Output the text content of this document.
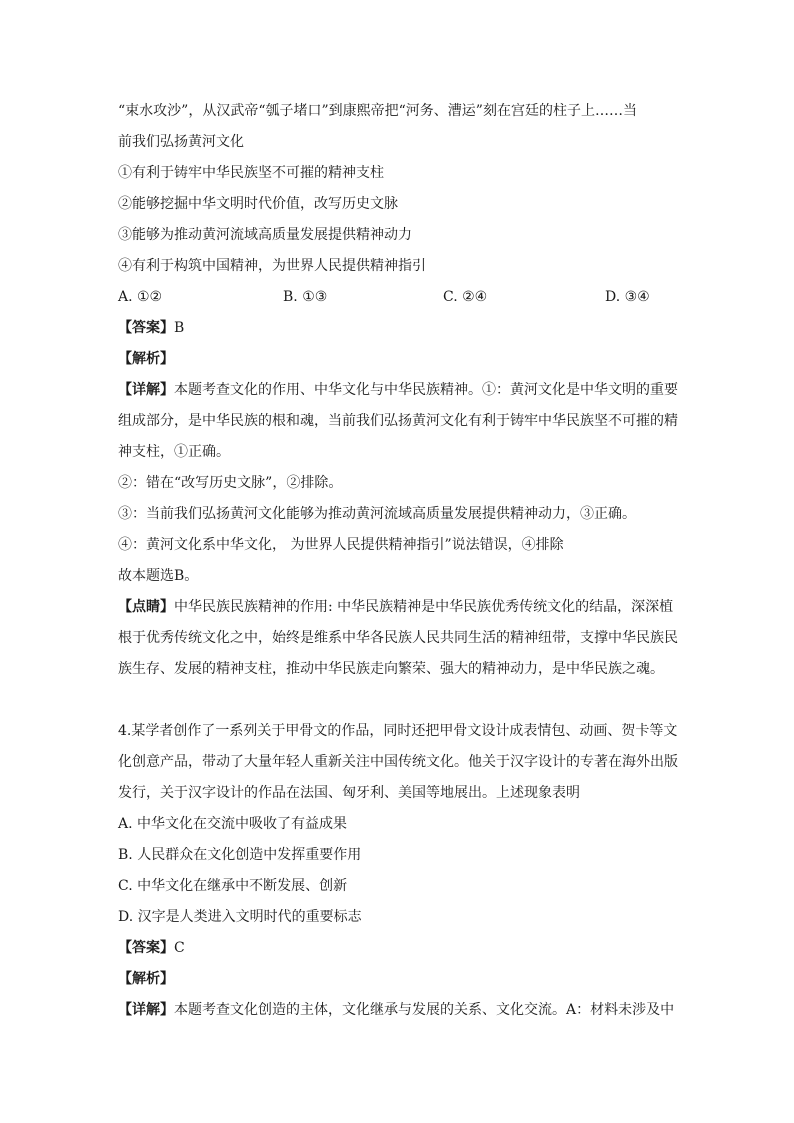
“束水攻沙”，从汉武帝“瓠子堵口”到康熙帝把“河务、漕运”刻在宫廷的柱子上……当

前我们弘扬黄河文化

①有利于铸牢中华民族坚不可摧的精神支柱

②能够挖掘中华文明时代价值，改写历史文脉

③能够为推动黄河流域高质量发展提供精神动力

④有利于构筑中国精神，为世界人民提供精神指引

A. ①②	B. ①③	C. ②④	D. ③④

【答案】B

【解析】

【详解】本题考查文化的作用、中华文化与中华民族精神。①：黄河文化是中华文明的重要

组成部分，是中华民族的根和魂，当前我们弘扬黄河文化有利于铸牢中华民族坚不可摧的精

神支柱，①正确。

②：错在“改写历史文脉”，②排除。

③：当前我们弘扬黄河文化能够为推动黄河流域高质量发展提供精神动力，③正确。

④：黄河文化系中华文化， 为世界人民提供精神指引”说法错误，④排除

故本题选B。

【点睛】中华民族民族精神的作用: 中华民族精神是中华民族优秀传统文化的结晶，深深植

根于优秀传统文化之中，始终是维系中华各民族人民共同生活的精神纽带，支撑中华民族民

族生存、发展的精神支柱，推动中华民族走向繁荣、强大的精神动力，是中华民族之魂。

4.某学者创作了一系列关于甲骨文的作品，同时还把甲骨文设计成表情包、动画、贺卡等文

化创意产品，带动了大量年轻人重新关注中国传统文化。他关于汉字设计的专著在海外出版

发行，关于汉字设计的作品在法国、匈牙利、美国等地展出。上述现象表明

A. 中华文化在交流中吸收了有益成果

B. 人民群众在文化创造中发挥重要作用

C. 中华文化在继承中不断发展、创新

D. 汉字是人类进入文明时代的重要标志

【答案】C

【解析】

【详解】本题考查文化创造的主体，文化继承与发展的关系、文化交流。A：材料未涉及中
